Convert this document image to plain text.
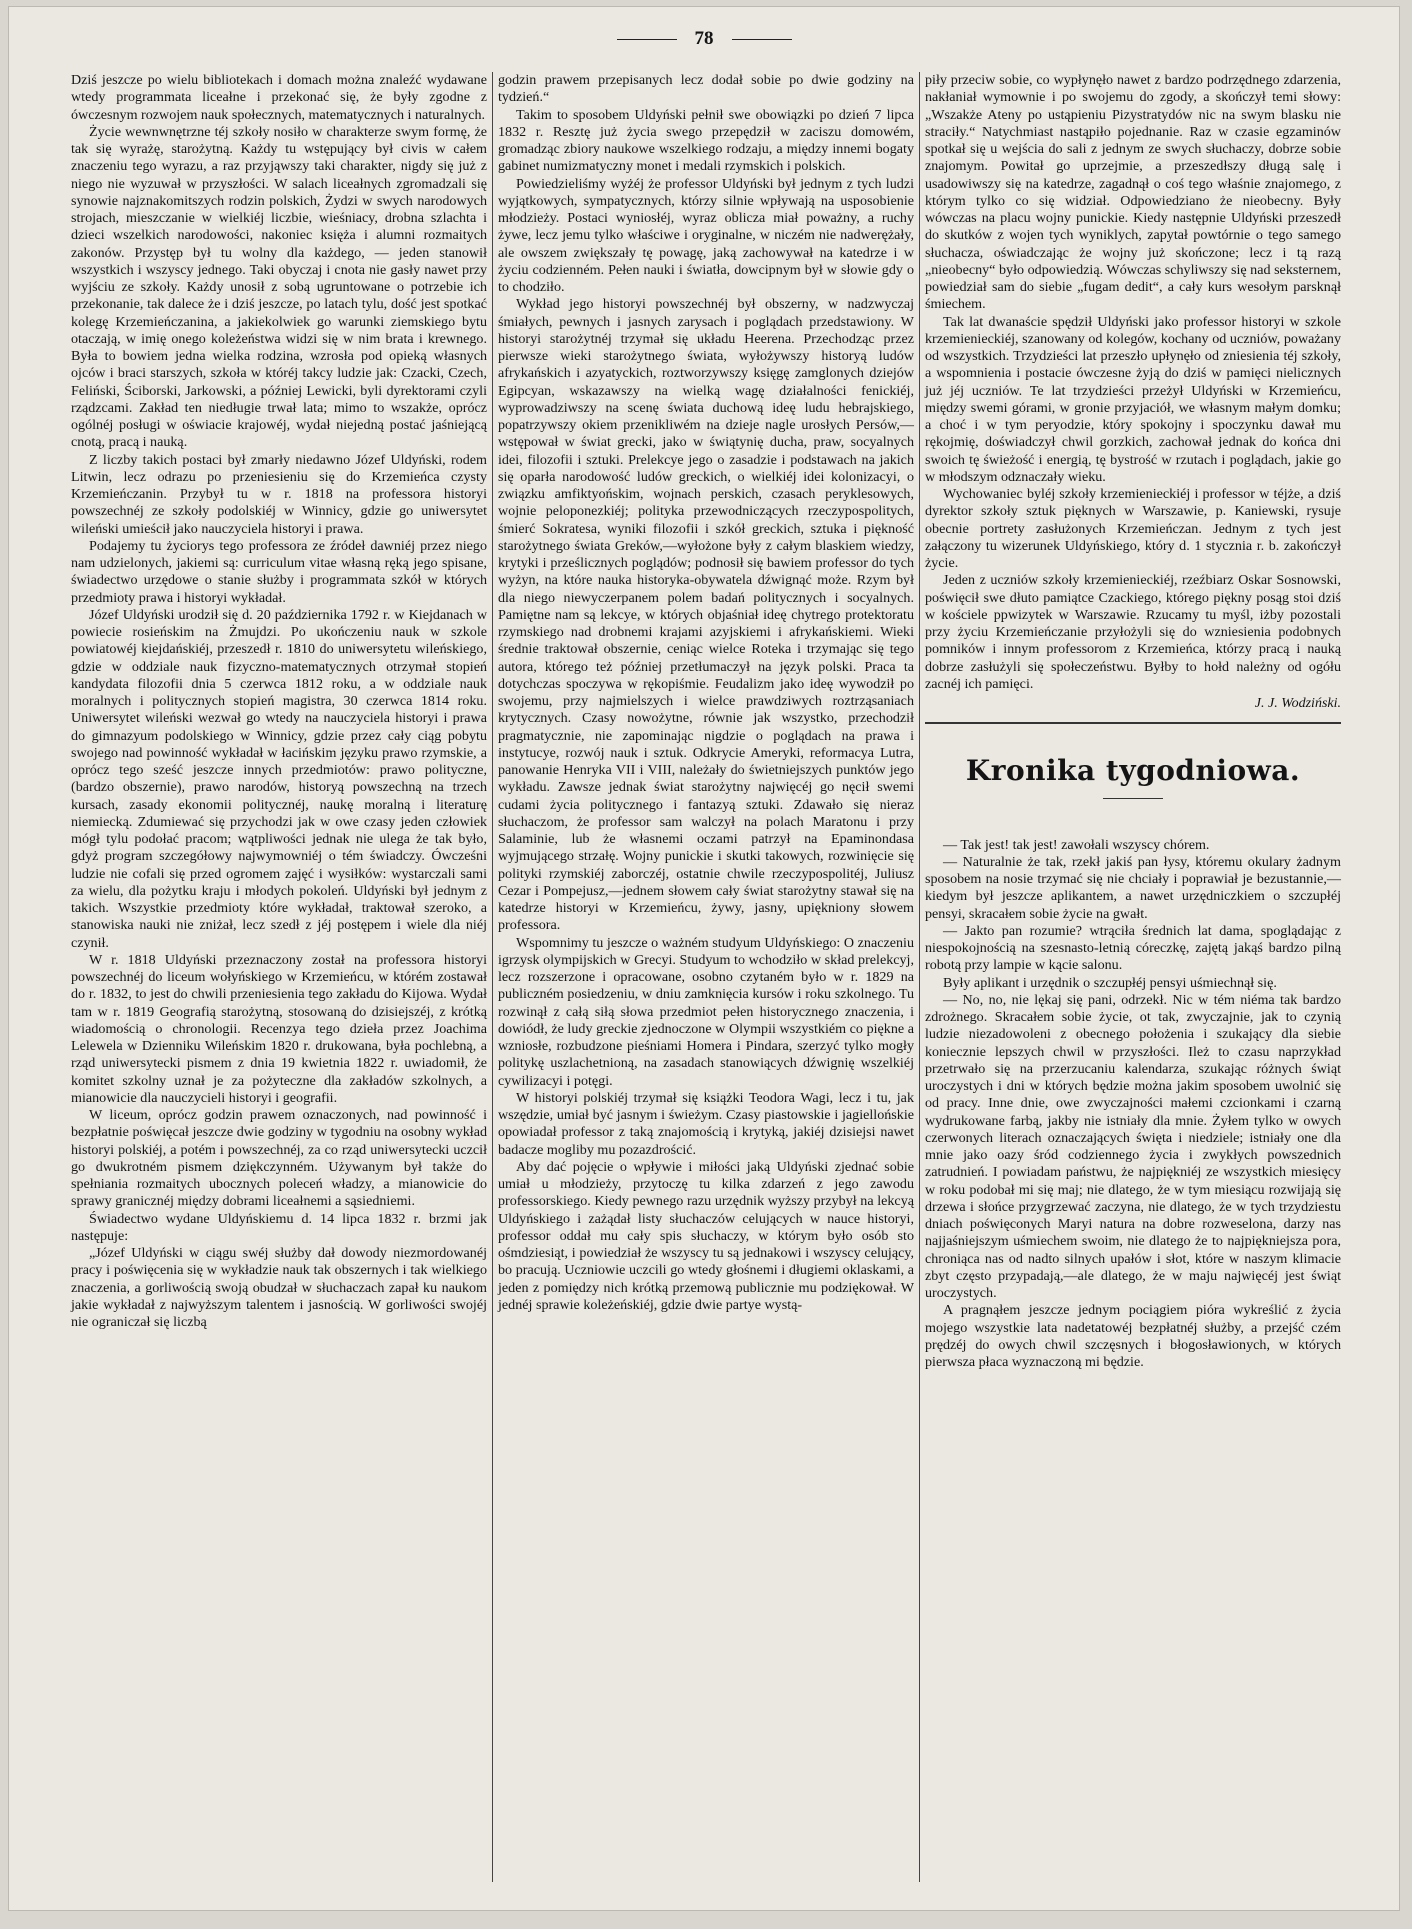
78

Dziś jeszcze po wielu bibliotekach i domach można znaleźć wydawane wtedy programmata liceałne i przekonać się, że były zgodne z ówczesnym rozwojem nauk społecznych, matematycznych i naturalnych.

Życie wewnwnętrzne téj szkoły nosiło w charakterze swym formę, że tak się wyrażę, starożytną. Każdy tu wstępujący był civis w całem znaczeniu tego wyrazu, a raz przyjąwszy taki charakter, nigdy się już z niego nie wyzuwał w przyszłości. W salach liceałnych zgromadzali się synowie najznakomitszych rodzin polskich, Żydzi w swych narodowych strojach, mieszczanie w wielkiéj liczbie, wieśniacy, drobna szlachta i dzieci wszelkich narodowości, nakoniec księża i alumni rozmaitych zakonów. Przystęp był tu wolny dla każdego, — jeden stanowił wszystkich i wszyscy jednego. Taki obyczaj i cnota nie gasły nawet przy wyjściu ze szkoły. Każdy unosił z sobą ugruntowane o potrzebie ich przekonanie, tak dalece że i dziś jeszcze, po latach tylu, dość jest spotkać kolegę Krzemieńczanina, a jakiekolwiek go warunki ziemskiego bytu otaczają, w imię onego koleżeństwa widzi się w nim brata i krewnego. Była to bowiem jedna wielka rodzina, wzrosła pod opieką własnych ojców i braci starszych, szkoła w któréj takcy ludzie jak: Czacki, Czech, Feliński, Ściborski, Jarkowski, a później Lewicki, byli dyrektorami czyli rządzcami. Zakład ten niedługie trwał lata; mimo to wszakże, oprócz ogólnéj posługi w oświacie krajowéj, wydał niejedną postać jaśniejącą cnotą, pracą i nauką.

Z liczby takich postaci był zmarły niedawno Józef Uldyński, rodem Litwin, lecz odrazu po przeniesieniu się do Krzemieńca czysty Krzemieńczanin. Przybył tu w r. 1818 na professora historyi powszechnéj ze szkoły podolskiéj w Winnicy, gdzie go uniwersytet wileński umieścił jako nauczyciela historyi i prawa.

Podajemy tu życiorys tego professora ze źródeł dawniéj przez niego nam udzielonych, jakiemi są: curriculum vitae własną ręką jego spisane, świadectwo urzędowe o stanie służby i programmata szkół w których przedmioty prawa i historyi wykładał.

Józef Uldyński urodził się d. 20 października 1792 r. w Kiejdanach w powiecie rosieńskim na Żmujdzi. Po ukończeniu nauk w szkole powiatowéj kiejdańskiéj, przeszedł r. 1810 do uniwersytetu wileńskiego, gdzie w oddziale nauk fizyczno-matematycznych otrzymał stopień kandydata filozofii dnia 5 czerwca 1812 roku, a w oddziale nauk moralnych i politycznych stopień magistra, 30 czerwca 1814 roku. Uniwersytet wileński wezwał go wtedy na nauczyciela historyi i prawa do gimnazyum podolskiego w Winnicy, gdzie przez cały ciąg pobytu swojego nad powinność wykładał w łacińskim języku prawo rzymskie, a oprócz tego sześć jeszcze innych przedmiotów: prawo polityczne, (bardzo obszernie), prawo narodów, historyą powszechną na trzech kursach, zasady ekonomii politycznéj, naukę moralną i literaturę niemiecką. Zdumiewać się przychodzi jak w owe czasy jeden człowiek mógł tylu podołać pracom; wątpliwości jednak nie ulega że tak było, gdyż program szczegółowy najwymowniéj o tém świadczy. Ówcześni ludzie nie cofali się przed ogromem zajęć i wysiłków: wystarczali sami za wielu, dla pożytku kraju i młodych pokoleń. Uldyński był jednym z takich. Wszystkie przedmioty które wykładał, traktował szeroko, a stanowiska nauki nie zniżał, lecz szedł z jéj postępem i wiele dla niéj czynił.

W r. 1818 Uldyński przeznaczony został na professora historyi powszechnéj do liceum wołyńskiego w Krzemieńcu, w którém zostawał do r. 1832, to jest do chwili przeniesienia tego zakładu do Kijowa. Wydał tam w r. 1819 Geografią starożytną, stosowaną do dzisiejszéj, z krótką wiadomością o chronologii. Recenzya tego dzieła przez Joachima Lelewela w Dzienniku Wileńskim 1820 r. drukowana, była pochlebną, a rząd uniwersytecki pismem z dnia 19 kwietnia 1822 r. uwiadomił, że komitet szkolny uznał je za pożyteczne dla zakładów szkolnych, a mianowicie dla nauczycieli historyi i geografii.

W liceum, oprócz godzin prawem oznaczonych, nad powinność i bezpłatnie poświęcał jeszcze dwie godziny w tygodniu na osobny wykład historyi polskiéj, a potém i powszechnéj, za co rząd uniwersytecki uczcił go dwukrotném pismem dziękczynném. Używanym był także do spełniania rozmaitych ubocznych poleceń władzy, a mianowicie do sprawy granicznéj między dobrami liceałnemi a sąsiedniemi.

Świadectwo wydane Uldyńskiemu d. 14 lipca 1832 r. brzmi jak następuje:

„Józef Uldyński w ciągu swéj służby dał dowody niezmordowanéj pracy i poświęcenia się w wykładzie nauk tak obszernych i tak wielkiego znaczenia, a gorliwością swoją obudzał w słuchaczach zapał ku naukom jakie wykładał z najwyższym talentem i jasnością. W gorliwości swojéj nie ograniczał się liczbą

godzin prawem przepisanych lecz dodał sobie po dwie godziny na tydzień.“

Takim to sposobem Uldyński pełnił swe obowiązki po dzień 7 lipca 1832 r. Resztę już życia swego przepędził w zaciszu domowém, gromadząc zbiory naukowe wszelkiego rodzaju, a między innemi bogaty gabinet numizmatyczny monet i medali rzymskich i polskich.

Powiedzieliśmy wyżéj że professor Uldyński był jednym z tych ludzi wyjątkowych, sympatycznych, którzy silnie wpływają na usposobienie młodzieży. Postaci wyniosłéj, wyraz oblicza miał poważny, a ruchy żywe, lecz jemu tylko właściwe i oryginalne, w niczém nie nadwerężały, ale owszem zwiększały tę powagę, jaką zachowywał na katedrze i w życiu codzienném. Pełen nauki i światła, dowcipnym był w słowie gdy o to chodziło.

Wykład jego historyi powszechnéj był obszerny, w nadzwyczaj śmiałych, pewnych i jasnych zarysach i poglądach przedstawiony. W historyi starożytnéj trzymał się układu Heerena. Przechodząc przez pierwsze wieki starożytnego świata, wyłożywszy historyą ludów afrykańskich i azyatyckich, roztworzywszy księgę zamglonych dziejów Egipcyan, wskazawszy na wielką wagę działalności fenickiéj, wyprowadziwszy na scenę świata duchową ideę ludu hebrajskiego, popatrzywszy okiem przenikliwém na dzieje nagle urosłych Persów,—wstępował w świat grecki, jako w świątynię ducha, praw, socyalnych idei, filozofii i sztuki. Prelekcye jego o zasadzie i podstawach na jakich się oparła narodowość ludów greckich, o wielkiéj idei kolonizacyi, o związku amfiktyońskim, wojnach perskich, czasach peryklesowych, wojnie peloponezkiéj; polityka przewodniczących rzeczypospolitych, śmierć Sokratesa, wyniki filozofii i szkół greckich, sztuka i piękność starożytnego świata Greków,—wyłożone były z całym blaskiem wiedzy, krytyki i prześlicznych poglądów; podnosił się bawiem professor do tych wyżyn, na które nauka historyka-obywatela dźwignąć może. Rzym był dla niego niewyczerpanem polem badań politycznych i socyalnych. Pamiętne nam są lekcye, w których objaśniał ideę chytrego protektoratu rzymskiego nad drobnemi krajami azyjskiemi i afrykańskiemi. Wieki średnie traktował obszernie, ceniąc wielce Roteka i trzymając się tego autora, którego też później przetłumaczył na język polski. Praca ta dotychczas spoczywa w rękopiśmie. Feudalizm jako ideę wywodził po swojemu, przy najmielszych i wielce prawdziwych roztrząsaniach krytycznych. Czasy nowożytne, równie jak wszystko, przechodził pragmatycznie, nie zapominając nigdzie o poglądach na prawa i instytucye, rozwój nauk i sztuk. Odkrycie Ameryki, reformacya Lutra, panowanie Henryka VII i VIII, należały do świetniejszych punktów jego wykładu. Zawsze jednak świat starożytny najwięcéj go nęcił swemi cudami życia politycznego i fantazyą sztuki. Zdawało się nieraz słuchaczom, że professor sam walczył na polach Maratonu i przy Salaminie, lub że własnemi oczami patrzył na Epaminondasa wyjmującego strzałę. Wojny punickie i skutki takowych, rozwinięcie się polityki rzymskiéj zaborczéj, ostatnie chwile rzeczypospolitéj, Juliusz Cezar i Pompejusz,—jednem słowem cały świat starożytny stawał się na katedrze historyi w Krzemieńcu, żywy, jasny, upiękniony słowem professora.

Wspomnimy tu jeszcze o ważném studyum Uldyńskiego: O znaczeniu igrzysk olympijskich w Grecyi. Studyum to wchodziło w skład prelekcyj, lecz rozszerzone i opracowane, osobno czytaném było w r. 1829 na publiczném posiedzeniu, w dniu zamknięcia kursów i roku szkolnego. Tu rozwinął z całą siłą słowa przedmiot pełen historycznego znaczenia, i dowiódł, że ludy greckie zjednoczone w Olympii wszystkiém co piękne a wzniosłe, rozbudzone pieśniami Homera i Pindara, szerzyć tylko mogły politykę uszlachetnioną, na zasadach stanowiących dźwignię wszelkiéj cywilizacyi i potęgi.

W historyi polskiéj trzymał się książki Teodora Wagi, lecz i tu, jak wszędzie, umiał być jasnym i świeżym. Czasy piastowskie i jagiellońskie opowiadał professor z taką znajomością i krytyką, jakiéj dzisiejsi nawet badacze mogliby mu pozazdrościć.

Aby dać pojęcie o wpływie i miłości jaką Uldyński zjednać sobie umiał u młodzieży, przytoczę tu kilka zdarzeń z jego zawodu professorskiego. Kiedy pewnego razu urzędnik wyższy przybył na lekcyą Uldyńskiego i zażądał listy słuchaczów celujących w nauce historyi, professor oddał mu cały spis słuchaczy, w którym było osób sto ośmdziesiąt, i powiedział że wszyscy tu są jednakowi i wszyscy celujący, bo pracują. Uczniowie uczcili go wtedy głośnemi i długiemi oklaskami, a jeden z pomiędzy nich krótką przemową publicznie mu podziękował. W jednéj sprawie koleżeńskiéj, gdzie dwie partye wystą-

piły przeciw sobie, co wypłynęło nawet z bardzo podrzędnego zdarzenia, nakłaniał wymownie i po swojemu do zgody, a skończył temi słowy: „Wszakże Ateny po ustąpieniu Pizystratydów nic na swym blasku nie straciły.“ Natychmiast nastąpiło pojednanie. Raz w czasie egzaminów spotkał się u wejścia do sali z jednym ze swych słuchaczy, dobrze sobie znajomym. Powitał go uprzejmie, a przeszedłszy długą salę i usadowiwszy się na katedrze, zagadnął o coś tego właśnie znajomego, z którym tylko co się widział. Odpowiedziano że nieobecny. Były wówczas na placu wojny punickie. Kiedy następnie Uldyński przeszedł do skutków z wojen tych wyniklych, zapytał powtórnie o tego samego słuchacza, oświadczając że wojny już skończone; lecz i tą razą „nieobecny“ było odpowiedzią. Wówczas schyliwszy się nad seksternem, powiedział sam do siebie „fugam dedit“, a cały kurs wesołym parsknął śmiechem.

Tak lat dwanaście spędził Uldyński jako professor historyi w szkole krzemienieckiéj, szanowany od kolegów, kochany od uczniów, poważany od wszystkich. Trzydzieści lat przeszło upłynęło od zniesienia téj szkoły, a wspomnienia i postacie ówczesne żyją do dziś w pamięci nielicznych już jéj uczniów. Te lat trzydzieści przeżył Uldyński w Krzemieńcu, między swemi górami, w gronie przyjaciół, we własnym małym domku; a choć i w tym peryodzie, który spokojny i spoczynku dawał mu rękojmię, doświadczył chwil gorzkich, zachował jednak do końca dni swoich tę świeżość i energią, tę bystrość w rzutach i poglądach, jakie go w młodszym odznaczały wieku.

Wychowaniec byléj szkoły krzemienieckiéj i professor w téjże, a dziś dyrektor szkoły sztuk pięknych w Warszawie, p. Kaniewski, rysuje obecnie portrety zasłużonych Krzemieńczan. Jednym z tych jest załączony tu wizerunek Uldyńskiego, który d. 1 stycznia r. b. zakończył życie.

Jeden z uczniów szkoły krzemienieckiéj, rzeźbiarz Oskar Sosnowski, poświęcił swe dłuto pamiątce Czackiego, którego piękny posąg stoi dziś w kościele ppwizytek w Warszawie. Rzucamy tu myśl, iżby pozostali przy życiu Krzemieńczanie przyłożyli się do wzniesienia podobnych pomników i innym professorom z Krzemieńca, którzy pracą i nauką dobrze zasłużyli się społeczeństwu. Byłby to hołd należny od ogółu zacnéj ich pamięci.

J. J. Wodziński.
Kronika tygodniowa.

— Tak jest! tak jest! zawołali wszyscy chórem.

— Naturalnie że tak, rzekł jakiś pan łysy, któremu okulary żadnym sposobem na nosie trzymać się nie chciały i poprawiał je bezustannie,— kiedym był jeszcze aplikantem, a nawet urzędniczkiem o szczupłéj pensyi, skracałem sobie życie na gwałt.

— Jakto pan rozumie? wtrąciła średnich lat dama, spoglądając z niespokojnością na szesnasto-letnią córeczkę, zajętą jakąś bardzo pilną robotą przy lampie w kącie salonu.

Były aplikant i urzędnik o szczupłéj pensyi uśmiechnął się.

— No, no, nie lękaj się pani, odrzekł. Nic w tém niéma tak bardzo zdrożnego. Skracałem sobie życie, ot tak, zwyczajnie, jak to czynią ludzie niezadowoleni z obecnego położenia i szukający dla siebie koniecznie lepszych chwil w przyszłości. Ileż to czasu naprzykład przetrwało się na przerzucaniu kalendarza, szukając różnych świąt uroczystych i dni w których będzie można jakim sposobem uwolnić się od pracy. Inne dnie, owe zwyczajności małemi czcionkami i czarną wydrukowane farbą, jakby nie istniały dla mnie. Żyłem tylko w owych czerwonych literach oznaczających święta i niedziele; istniały one dla mnie jako oazy śród codziennego życia i zwykłych powszednich zatrudnień. I powiadam państwu, że najpiękniéj ze wszystkich miesięcy w roku podobał mi się maj; nie dlatego, że w tym miesiącu rozwijają się drzewa i słońce przygrzewać zaczyna, nie dlatego, że w tych trzydziestu dniach poświęconych Maryi natura na dobre rozweselona, darzy nas najjaśniejszym uśmiechem swoim, nie dlatego że to najpiękniejsza pora, chroniąca nas od nadto silnych upałów i słot, które w naszym klimacie zbyt często przypadają,—ale dlatego, że w maju najwięcéj jest świąt uroczystych.

A pragnąłem jeszcze jednym pociągiem pióra wykreślić z życia mojego wszystkie lata nadetatowéj bezpłatnéj służby, a przejść czém prędzéj do owych chwil szczęsnych i błogosławionych, w których pierwsza płaca wyznaczoną mi będzie.
